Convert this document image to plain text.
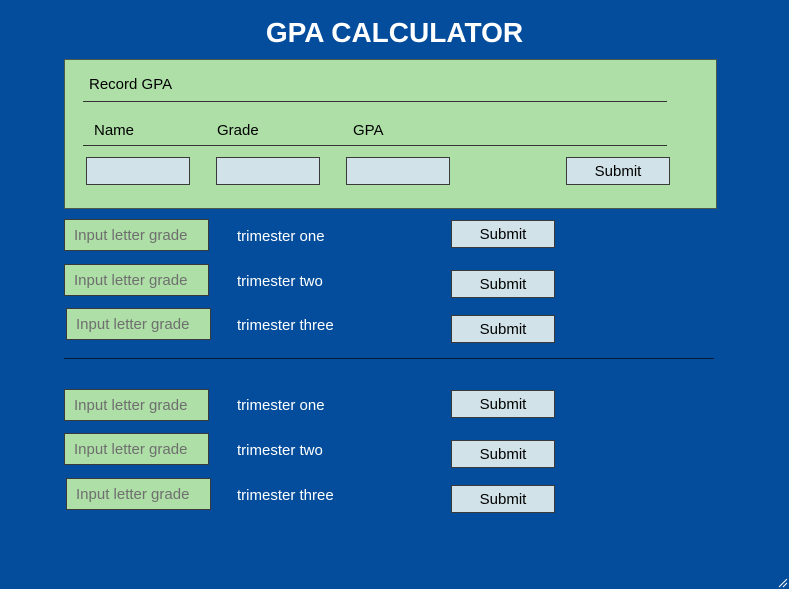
GPA CALCULATOR
Record GPA
Name	Grade	GPA
Submit
Input letter grade
trimester one	Submit
Input letter grade
trimester two	Submit
Input letter grade
trimester three	Submit
Input letter grade
trimester one	Submit
Input letter grade
trimester two	Submit
Input letter grade
trimester three	Submit
